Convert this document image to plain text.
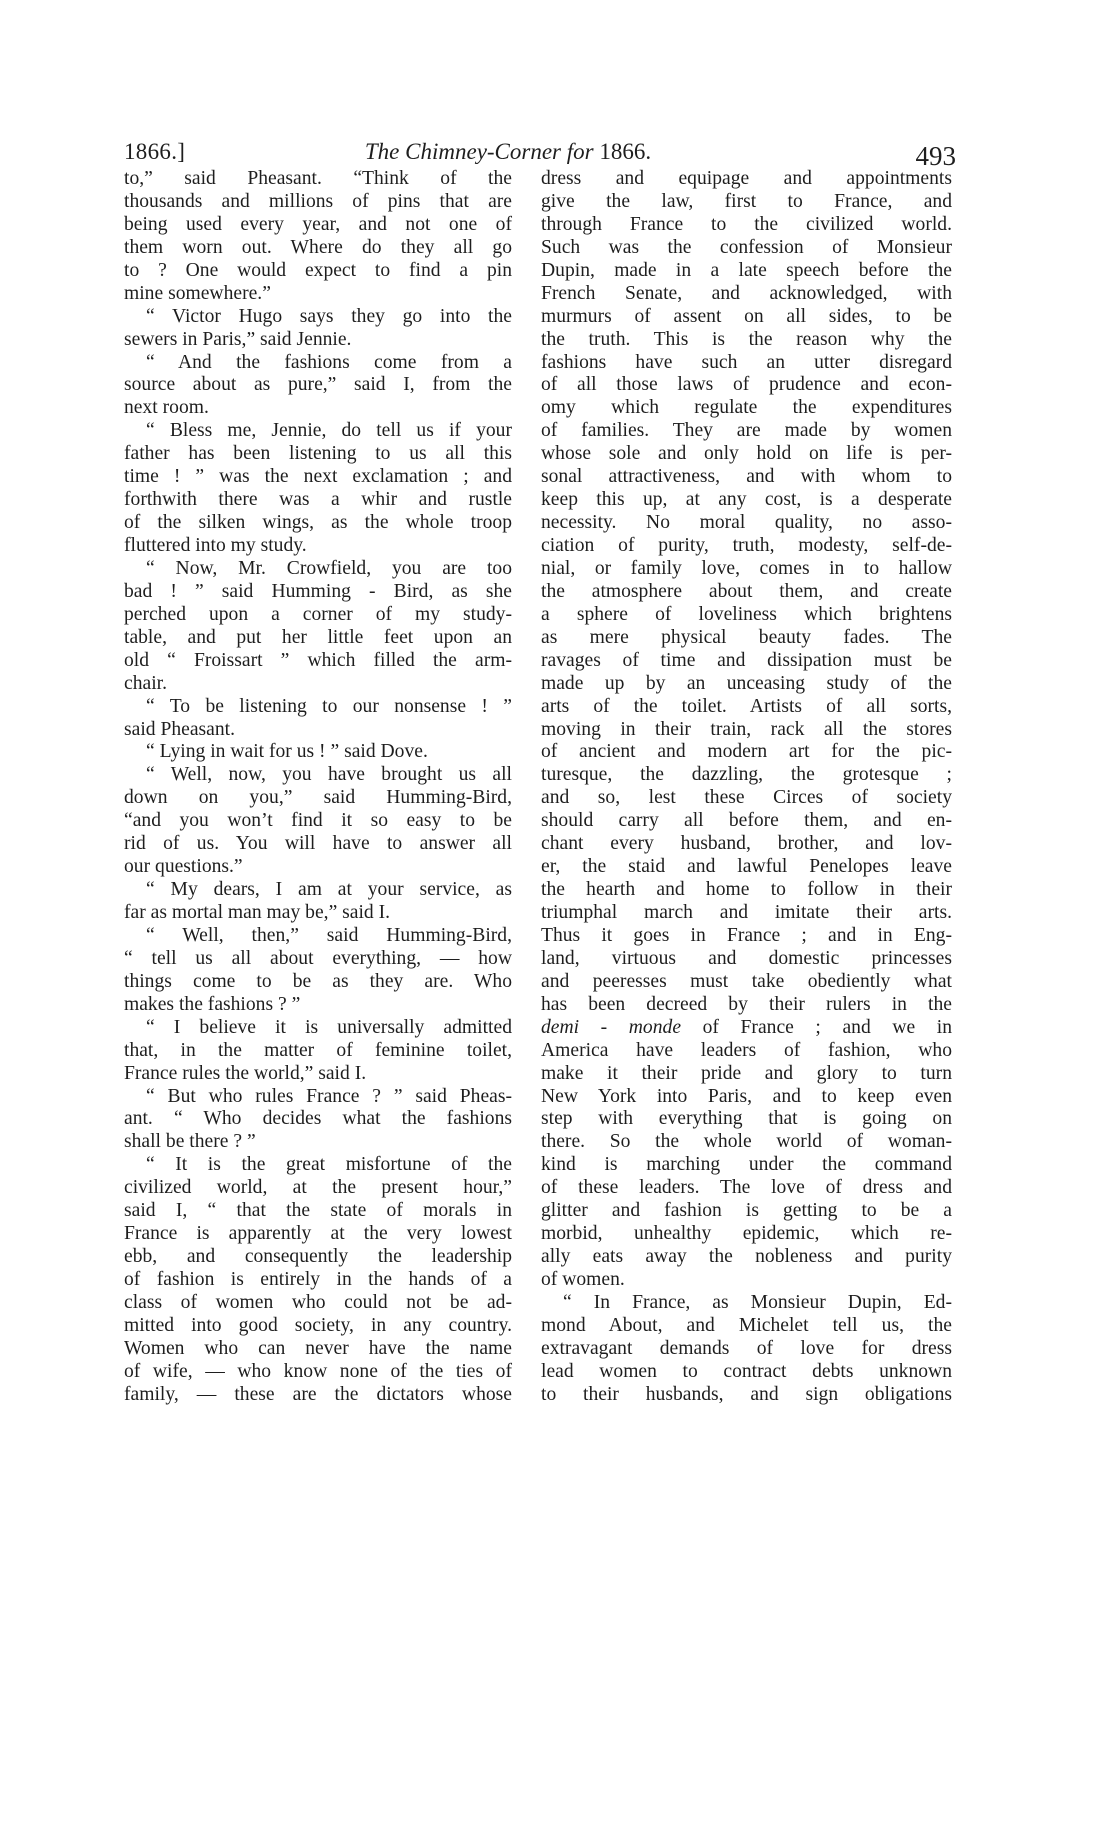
1866.]	The Chimney-Corner for 1866.	493
to,” said Pheasant. “Think of the
thousands and millions of pins that are
being used every year, and not one of
them worn out. Where do they all go
to ? One would expect to find a pin
mine somewhere.”
“ Victor Hugo says they go into the
sewers in Paris,” said Jennie.
“ And the fashions come from a
source about as pure,” said I, from the
next room.
“ Bless me, Jennie, do tell us if your
father has been listening to us all this
time ! ” was the next exclamation ; and
forthwith there was a whir and rustle
of the silken wings, as the whole troop
fluttered into my study.
“ Now, Mr. Crowfield, you are too
bad ! ” said Humming - Bird, as she
perched upon a corner of my study-
table, and put her little feet upon an
old “ Froissart ” which filled the arm-
chair.
“ To be listening to our nonsense ! ”
said Pheasant.
“ Lying in wait for us ! ” said Dove.
“ Well, now, you have brought us all
down on you,” said Humming-Bird,
“and you won’t find it so easy to be
rid of us. You will have to answer all
our questions.”
“ My dears, I am at your service, as
far as mortal man may be,” said I.
“ Well, then,” said Humming-Bird,
“ tell us all about everything, — how
things come to be as they are. Who
makes the fashions ? ”
“ I believe it is universally admitted
that, in the matter of feminine toilet,
France rules the world,” said I.
“ But who rules France ? ” said Pheas-
ant. “ Who decides what the fashions
shall be there ? ”
“ It is the great misfortune of the
civilized world, at the present hour,”
said I, “ that the state of morals in
France is apparently at the very lowest
ebb, and consequently the leadership
of fashion is entirely in the hands of a
class of women who could not be ad-
mitted into good society, in any country.
Women who can never have the name
of wife, — who know none of the ties of
family, — these are the dictators whose
dress and equipage and appointments
give the law, first to France, and
through France to the civilized world.
Such was the confession of Monsieur
Dupin, made in a late speech before the
French Senate, and acknowledged, with
murmurs of assent on all sides, to be
the truth. This is the reason why the
fashions have such an utter disregard
of all those laws of prudence and econ-
omy which regulate the expenditures
of families. They are made by women
whose sole and only hold on life is per-
sonal attractiveness, and with whom to
keep this up, at any cost, is a desperate
necessity. No moral quality, no asso-
ciation of purity, truth, modesty, self-de-
nial, or family love, comes in to hallow
the atmosphere about them, and create
a sphere of loveliness which brightens
as mere physical beauty fades. The
ravages of time and dissipation must be
made up by an unceasing study of the
arts of the toilet. Artists of all sorts,
moving in their train, rack all the stores
of ancient and modern art for the pic-
turesque, the dazzling, the grotesque ;
and so, lest these Circes of society
should carry all before them, and en-
chant every husband, brother, and lov-
er, the staid and lawful Penelopes leave
the hearth and home to follow in their
triumphal march and imitate their arts.
Thus it goes in France ; and in Eng-
land, virtuous and domestic princesses
and peeresses must take obediently what
has been decreed by their rulers in the
demi - monde of France ; and we in
America have leaders of fashion, who
make it their pride and glory to turn
New York into Paris, and to keep even
step with everything that is going on
there. So the whole world of woman-
kind is marching under the command
of these leaders. The love of dress and
glitter and fashion is getting to be a
morbid, unhealthy epidemic, which re-
ally eats away the nobleness and purity
of women.
“ In France, as Monsieur Dupin, Ed-
mond About, and Michelet tell us, the
extravagant demands of love for dress
lead women to contract debts unknown
to their husbands, and sign obligations
